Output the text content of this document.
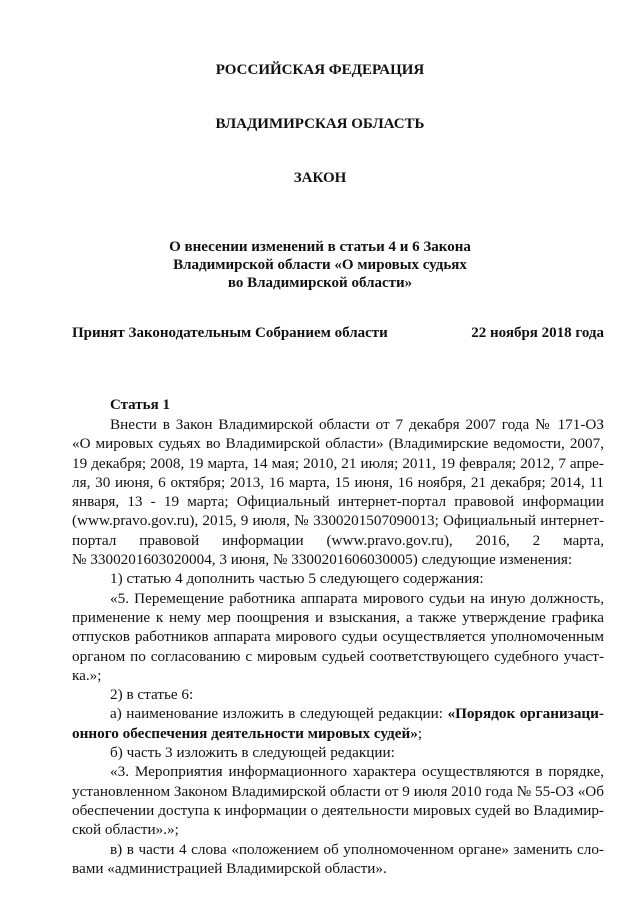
РОССИЙСКАЯ ФЕДЕРАЦИЯ
ВЛАДИМИРСКАЯ ОБЛАСТЬ
ЗАКОН
О внесении изменений в статьи 4 и 6 Закона
Владимирской области «О мировых судьях
во Владимирской области»
Принят Законодательным Собранием области	22 ноября 2018 года
Статья 1
Внести в Закон Владимирской области от 7 декабря 2007 года № 171-ОЗ
«О мировых судьях во Владимирской области» (Владимирские ведомости, 2007,
19 декабря; 2008, 19 марта, 14 мая; 2010, 21 июля; 2011, 19 февраля; 2012, 7 апре-
ля, 30 июня, 6 октября; 2013, 16 марта, 15 июня, 16 ноября, 21 декабря; 2014, 11
января, 13 - 19 марта; Официальный интернет-портал правовой информации
(www.pravo.gov.ru), 2015, 9 июля, № 3300201507090013; Официальный интернет-
портал правовой информации (www.pravo.gov.ru), 2016, 2 марта,
№ 3300201603020004, 3 июня, № 3300201606030005) следующие изменения:
1) статью 4 дополнить частью 5 следующего содержания:
«5. Перемещение работника аппарата мирового судьи на иную должность,
применение к нему мер поощрения и взыскания, а также утверждение графика
отпусков работников аппарата мирового судьи осуществляется уполномоченным
органом по согласованию с мировым судьей соответствующего судебного участ-
ка.»;
2) в статье 6:
а) наименование изложить в следующей редакции: «Порядок организаци-
онного обеспечения деятельности мировых судей»;
б) часть 3 изложить в следующей редакции:
«3. Мероприятия информационного характера осуществляются в порядке,
установленном Законом Владимирской области от 9 июля 2010 года № 55-ОЗ «Об
обеспечении доступа к информации о деятельности мировых судей во Владимир-
ской области».»;
в) в части 4 слова «положением об уполномоченном органе» заменить сло-
вами «администрацией Владимирской области».
